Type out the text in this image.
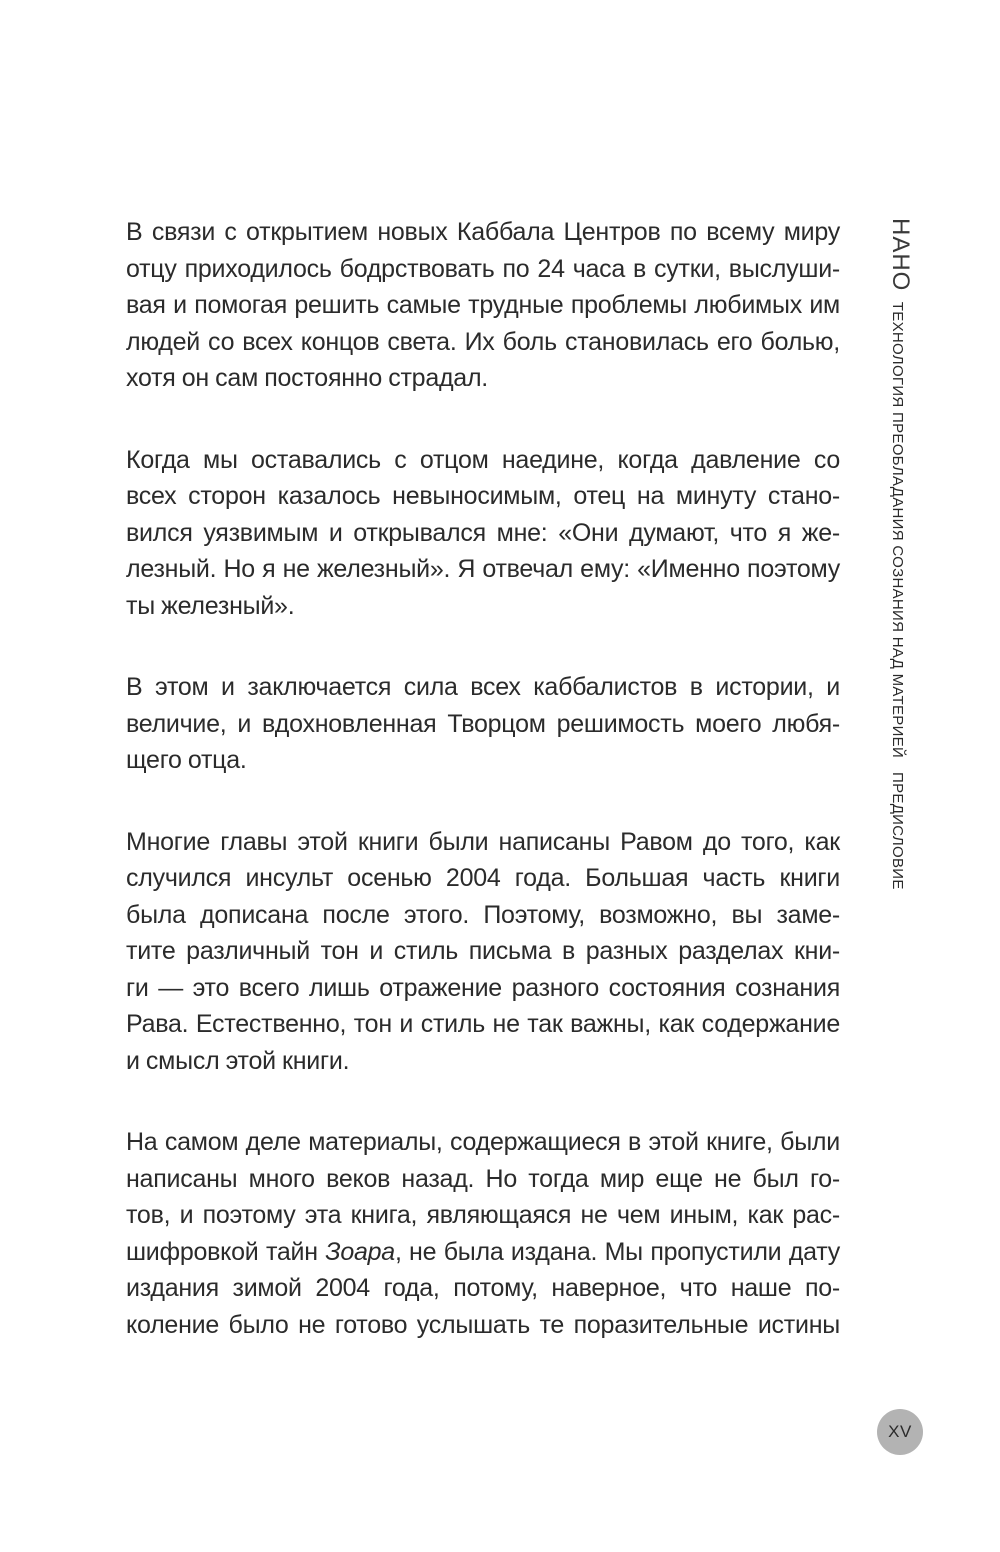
В связи с открытием новых Каббала Центров по всему миру
отцу приходилось бодрствовать по 24 часа в сутки, выслуши-
вая и помогая решить самые трудные проблемы любимых им
людей со всех концов света. Их боль становилась его болью,
хотя он сам постоянно страдал.

Когда мы оставались с отцом наедине, когда давление со
всех сторон казалось невыносимым, отец на минуту стано-
вился уязвимым и открывался мне: «Они думают, что я же-
лезный. Но я не железный». Я отвечал ему: «Именно поэтому
ты железный».

В этом и заключается сила всех каббалистов в истории, и
величие, и вдохновленная Творцом решимость моего любя-
щего отца.

Многие главы этой книги были написаны Равом до того, как
случился инсульт осенью 2004 года. Большая часть книги
была дописана после этого. Поэтому, возможно, вы заме-
тите различный тон и стиль письма в разных разделах кни-
ги — это всего лишь отражение разного состояния сознания
Рава. Естественно, тон и стиль не так важны, как содержание
и смысл этой книги.

На самом деле материалы, содержащиеся в этой книге, были
написаны много веков назад. Но тогда мир еще не был го-
тов, и поэтому эта книга, являющаяся не чем иным, как рас-
шифровкой тайн Зоара, не была издана. Мы пропустили дату
издания зимой 2004 года, потому, наверное, что наше по-
коление было не готово услышать те поразительные истины

НАНО ТЕХНОЛОГИЯ ПРЕОБЛАДАНИЯ СОЗНАНИЯ НАД МАТЕРИЕЙ
ПРЕДИСЛОВИЕ
XV
